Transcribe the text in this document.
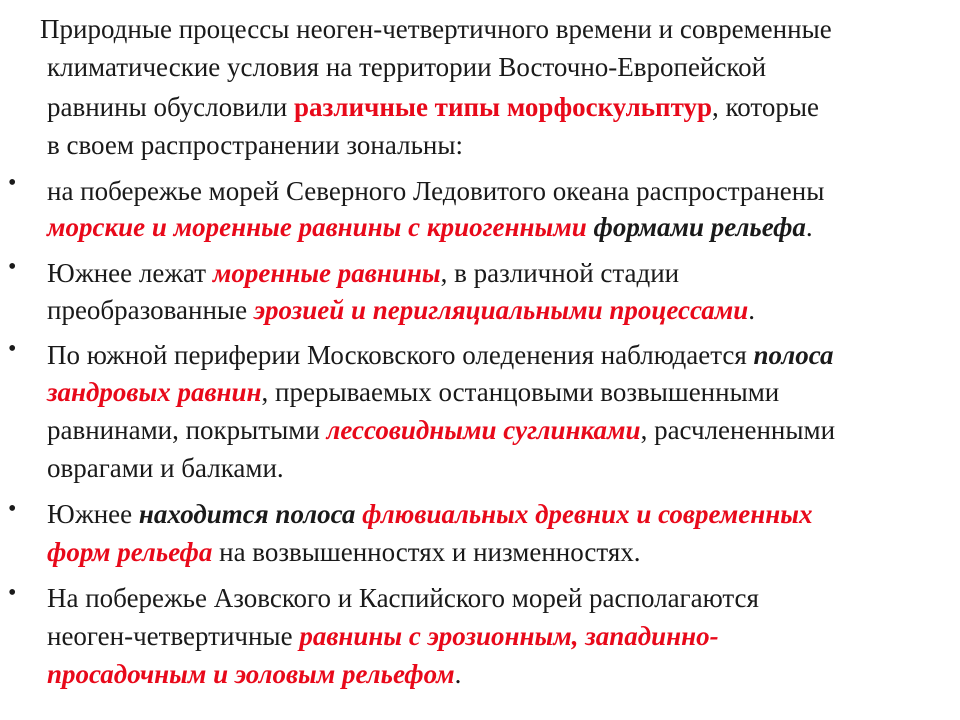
Природные процессы неоген-четвертичного времени и современные
климатические условия на территории Восточно-Европейской
равнины обусловили различные типы морфоскульптур, которые
в своем распространении зональны:
• на побережье морей Северного Ледовитого океана распространены
морские и моренные равнины с криогенными формами рельефа.
• Южнее лежат моренные равнины, в различной стадии
преобразованные эрозией и перигляциальными процессами.
• По южной периферии Московского оледенения наблюдается полоса
зандровых равнин, прерываемых останцовыми возвышенными
равнинами, покрытыми лессовидными суглинками, расчлененными
оврагами и балками.
• Южнее находится полоса флювиальных древних и современных
форм рельефа на возвышенностях и низменностях.
• На побережье Азовского и Каспийского морей располагаются
неоген-четвертичные равнины с эрозионным, западинно-
просадочным и эоловым рельефом.
